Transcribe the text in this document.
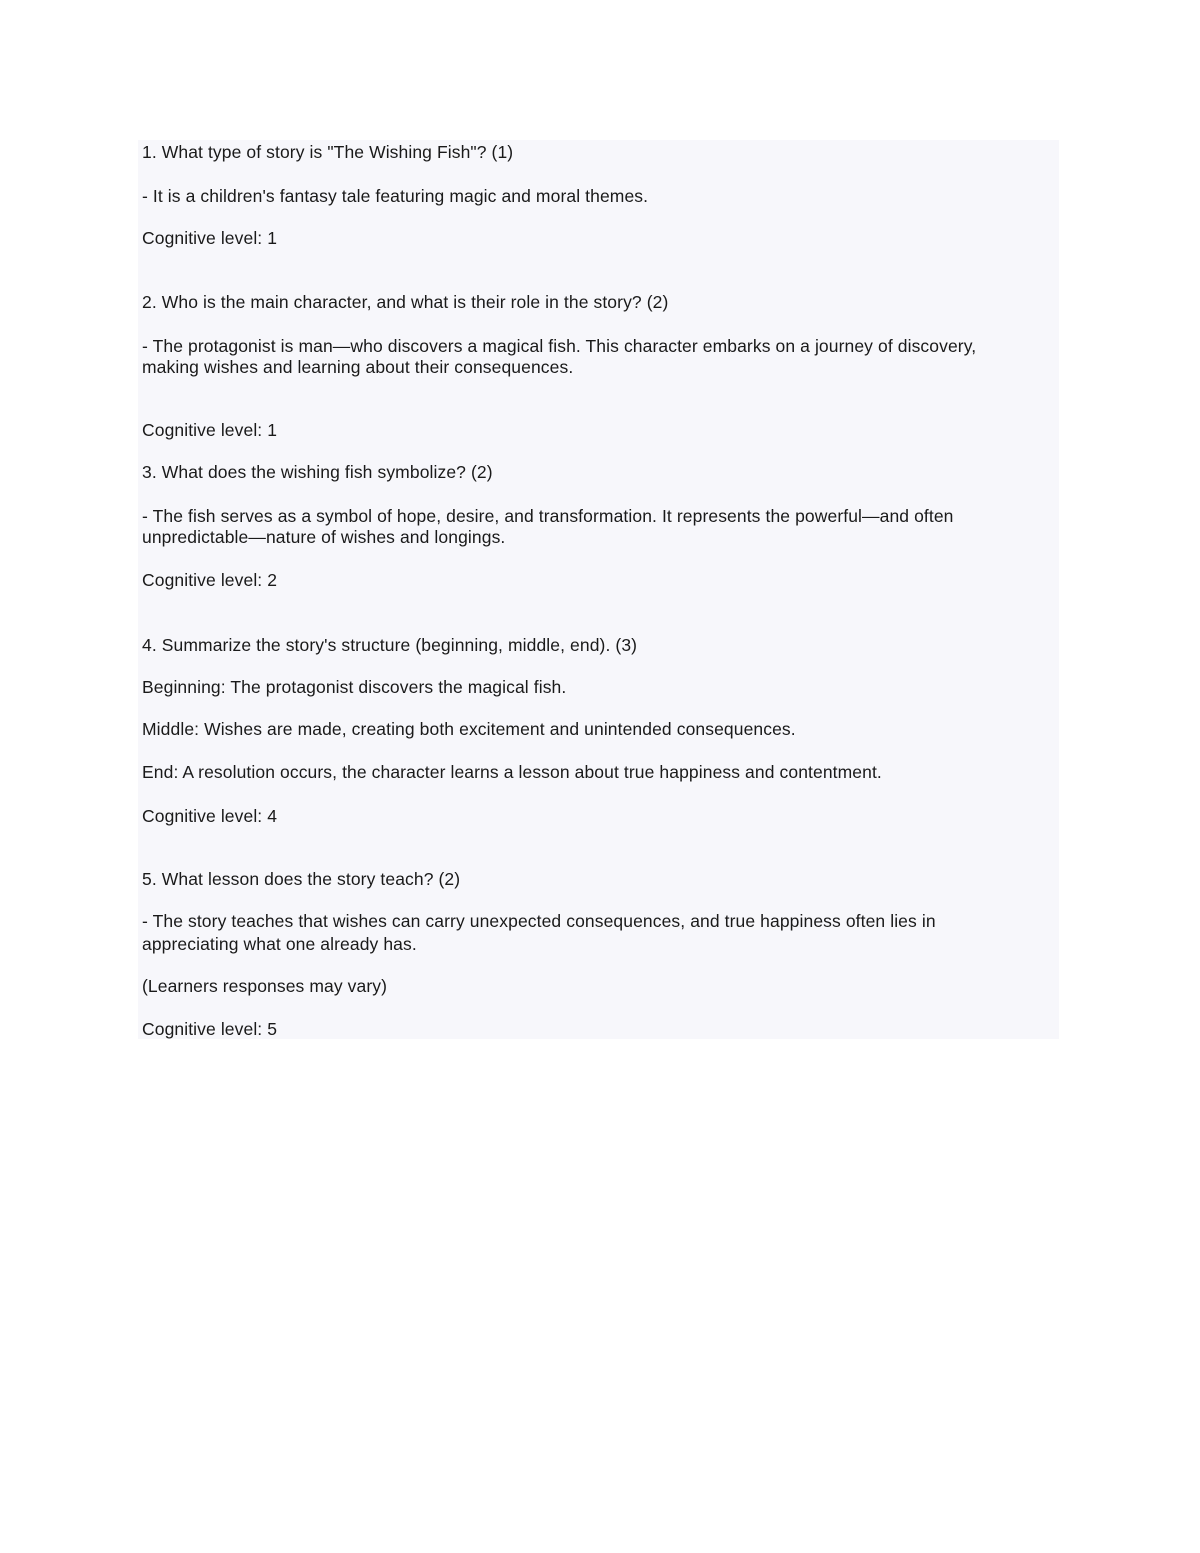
1. What type of story is "The Wishing Fish"? (1)
- It is a children's fantasy tale featuring magic and moral themes.
Cognitive level: 1
2. Who is the main character, and what is their role in the story? (2)
- The protagonist is man—who discovers a magical fish. This character embarks on a journey of discovery,
making wishes and learning about their consequences.
Cognitive level: 1
3. What does the wishing fish symbolize? (2)
- The fish serves as a symbol of hope, desire, and transformation. It represents the powerful—and often
unpredictable—nature of wishes and longings.
Cognitive level: 2
4. Summarize the story's structure (beginning, middle, end). (3)
Beginning: The protagonist discovers the magical fish.
Middle: Wishes are made, creating both excitement and unintended consequences.
End: A resolution occurs, the character learns a lesson about true happiness and contentment.
Cognitive level: 4
5. What lesson does the story teach? (2)
- The story teaches that wishes can carry unexpected consequences, and true happiness often lies in
appreciating what one already has.
(Learners responses may vary)
Cognitive level: 5
